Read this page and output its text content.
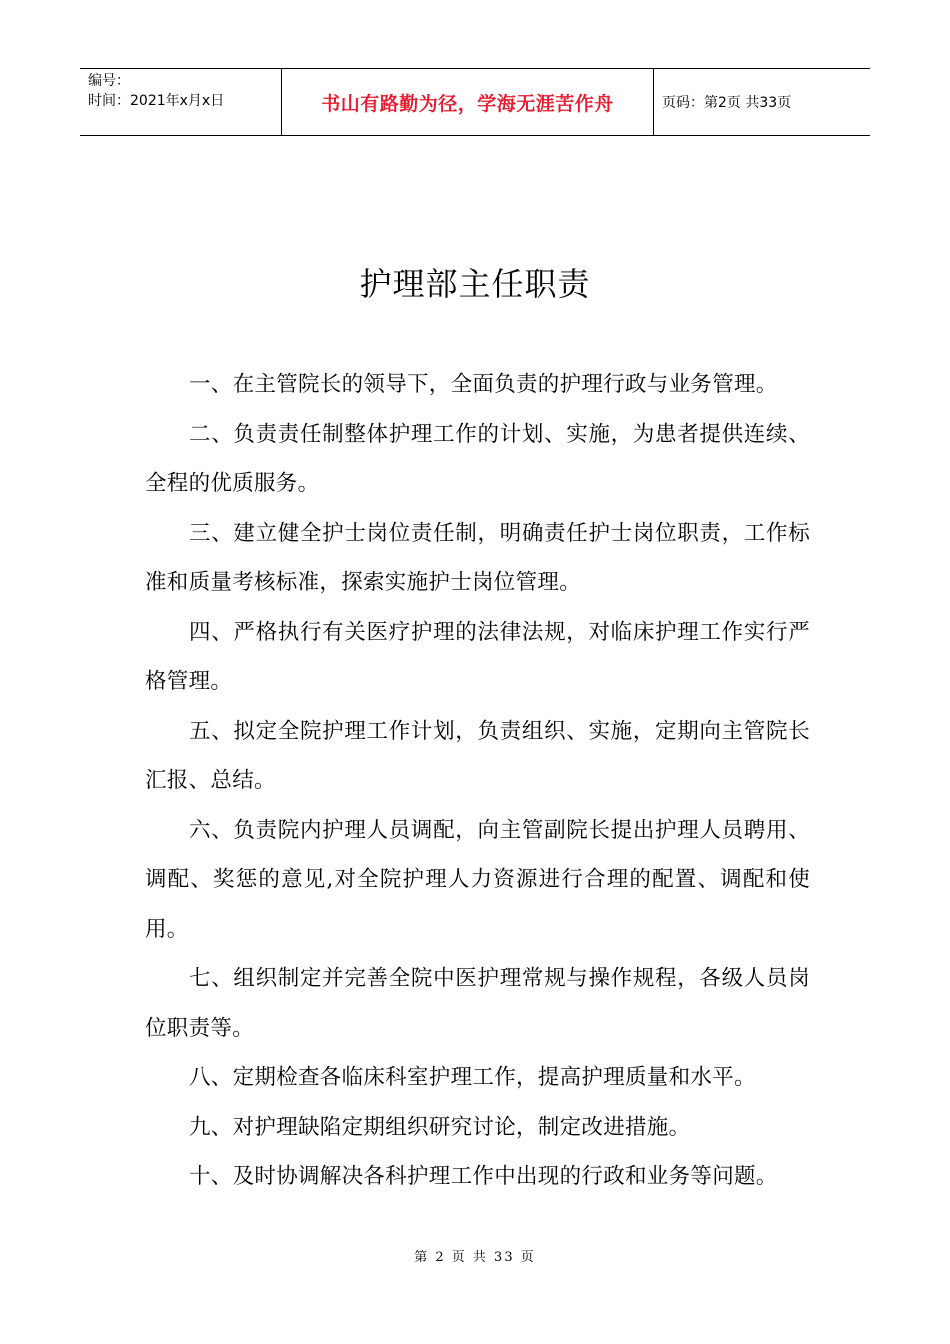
编号：
时间：2021年x月x日	书山有路勤为径，学海无涯苦作舟	页码：第2页 共33页
护理部主任职责

一、在主管院长的领导下，全面负责的护理行政与业务管理。

二、负责责任制整体护理工作的计划、实施，为患者提供连续、全程的优质服务。

三、建立健全护士岗位责任制，明确责任护士岗位职责，工作标准和质量考核标准，探索实施护士岗位管理。

四、严格执行有关医疗护理的法律法规，对临床护理工作实行严格管理。

五、拟定全院护理工作计划，负责组织、实施，定期向主管院长汇报、总结。

六、负责院内护理人员调配，向主管副院长提出护理人员聘用、调配、奖惩的意见,对全院护理人力资源进行合理的配置、调配和使用。

七、组织制定并完善全院中医护理常规与操作规程，各级人员岗位职责等。

八、定期检查各临床科室护理工作，提高护理质量和水平。

九、对护理缺陷定期组织研究讨论，制定改进措施。

十、及时协调解决各科护理工作中出现的行政和业务等问题。

第 2 页 共 33 页
